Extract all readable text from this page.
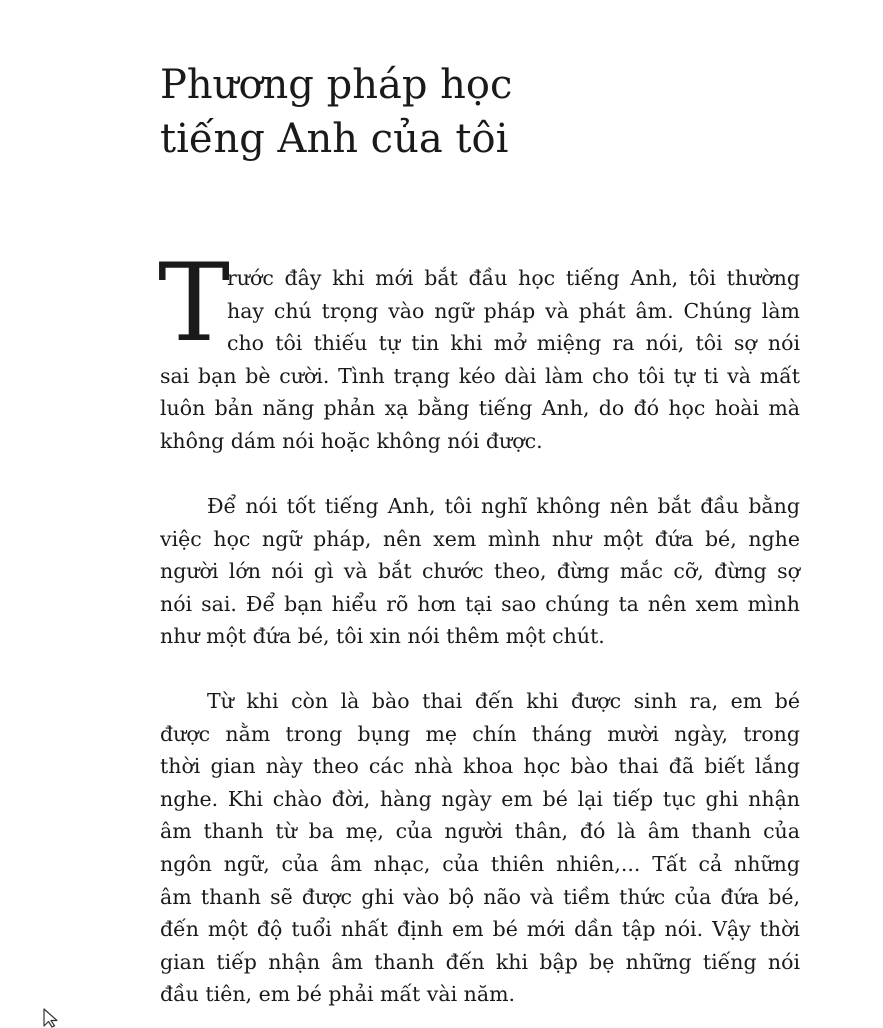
Phương pháp học
tiếng Anh của tôi
T

rước đây khi mới bắt đầu học tiếng Anh, tôi thường
hay chú trọng vào ngữ pháp và phát âm. Chúng làm
cho tôi thiếu tự tin khi mở miệng ra nói, tôi sợ nói
sai bạn bè cười. Tình trạng kéo dài làm cho tôi tự ti và mất
luôn bản năng phản xạ bằng tiếng Anh, do đó học hoài mà
không dám nói hoặc không nói được.

Để nói tốt tiếng Anh, tôi nghĩ không nên bắt đầu bằng
việc học ngữ pháp, nên xem mình như một đứa bé, nghe
người lớn nói gì và bắt chước theo, đừng mắc cỡ, đừng sợ
nói sai. Để bạn hiểu rõ hơn tại sao chúng ta nên xem mình
như một đứa bé, tôi xin nói thêm một chút.

Từ khi còn là bào thai đến khi được sinh ra, em bé
được nằm trong bụng mẹ chín tháng mười ngày, trong
thời gian này theo các nhà khoa học bào thai đã biết lắng
nghe. Khi chào đời, hàng ngày em bé lại tiếp tục ghi nhận
âm thanh từ ba mẹ, của người thân, đó là âm thanh của
ngôn ngữ, của âm nhạc, của thiên nhiên,... Tất cả những
âm thanh sẽ được ghi vào bộ não và tiềm thức của đứa bé,
đến một độ tuổi nhất định em bé mới dần tập nói. Vậy thời
gian tiếp nhận âm thanh đến khi bập bẹ những tiếng nói
đầu tiên, em bé phải mất vài năm.
